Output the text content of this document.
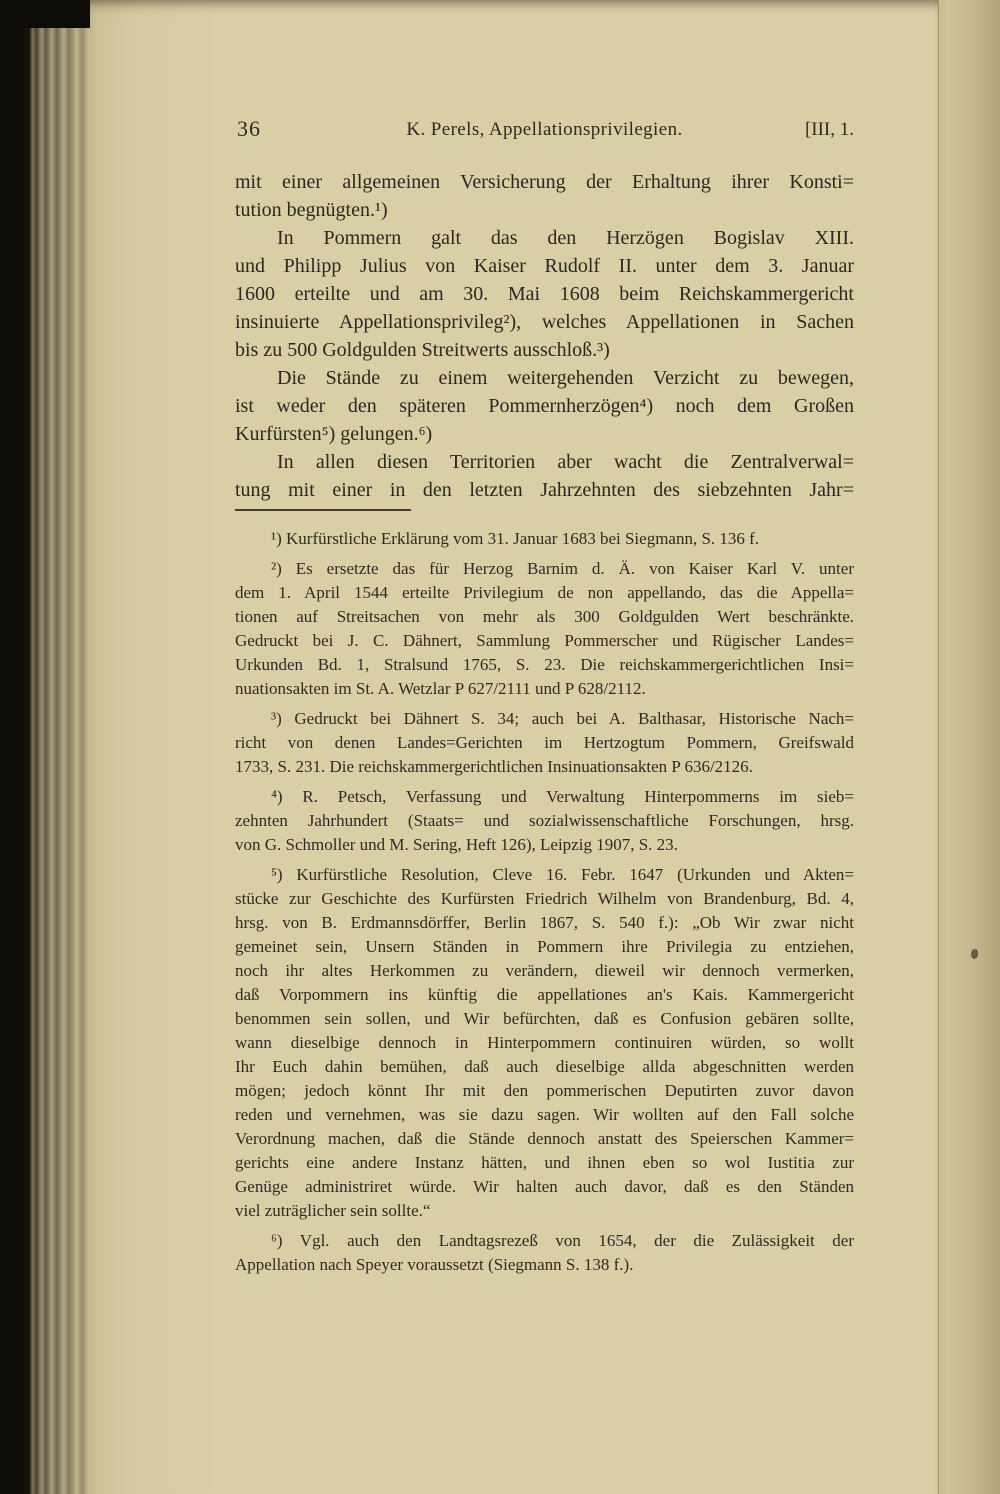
36	K. Perels, Appellationsprivilegien.	[III, 1.
mit einer allgemeinen Versicherung der Erhaltung ihrer Konsti=
tution begnügten.¹)
In Pommern galt das den Herzögen Bogislav XIII.
und Philipp Julius von Kaiser Rudolf II. unter dem 3. Januar
1600 erteilte und am 30. Mai 1608 beim Reichskammergericht
insinuierte Appellationsprivileg²), welches Appellationen in Sachen
bis zu 500 Goldgulden Streitwerts ausschloß.³)
Die Stände zu einem weitergehenden Verzicht zu bewegen,
ist weder den späteren Pommernherzögen⁴) noch dem Großen
Kurfürsten⁵) gelungen.⁶)
In allen diesen Territorien aber wacht die Zentralverwal=
tung mit einer in den letzten Jahrzehnten des siebzehnten Jahr=
¹) Kurfürstliche Erklärung vom 31. Januar 1683 bei Siegmann, S. 136 f.
²) Es ersetzte das für Herzog Barnim d. Ä. von Kaiser Karl V. unter
dem 1. April 1544 erteilte Privilegium de non appellando, das die Appella=
tionen auf Streitsachen von mehr als 300 Goldgulden Wert beschränkte.
Gedruckt bei J. C. Dähnert, Sammlung Pommerscher und Rügischer Landes=
Urkunden Bd. 1, Stralsund 1765, S. 23. Die reichskammergerichtlichen Insi=
nuationsakten im St. A. Wetzlar P 627/2111 und P 628/2112.
³) Gedruckt bei Dähnert S. 34; auch bei A. Balthasar, Historische Nach=
richt von denen Landes=Gerichten im Hertzogtum Pommern, Greifswald
1733, S. 231. Die reichskammergerichtlichen Insinuationsakten P 636/2126.
⁴) R. Petsch, Verfassung und Verwaltung Hinterpommerns im sieb=
zehnten Jahrhundert (Staats= und sozialwissenschaftliche Forschungen, hrsg.
von G. Schmoller und M. Sering, Heft 126), Leipzig 1907, S. 23.
⁵) Kurfürstliche Resolution, Cleve 16. Febr. 1647 (Urkunden und Akten=
stücke zur Geschichte des Kurfürsten Friedrich Wilhelm von Brandenburg, Bd. 4,
hrsg. von B. Erdmannsdörffer, Berlin 1867, S. 540 f.): „Ob Wir zwar nicht
gemeinet sein, Unsern Ständen in Pommern ihre Privilegia zu entziehen,
noch ihr altes Herkommen zu verändern, dieweil wir dennoch vermerken,
daß Vorpommern ins künftig die appellationes an's Kais. Kammergericht
benommen sein sollen, und Wir befürchten, daß es Confusion gebären sollte,
wann dieselbige dennoch in Hinterpommern continuiren würden, so wollt
Ihr Euch dahin bemühen, daß auch dieselbige allda abgeschnitten werden
mögen; jedoch könnt Ihr mit den pommerischen Deputirten zuvor davon
reden und vernehmen, was sie dazu sagen. Wir wollten auf den Fall solche
Verordnung machen, daß die Stände dennoch anstatt des Speierschen Kammer=
gerichts eine andere Instanz hätten, und ihnen eben so wol Iustitia zur
Genüge administriret würde. Wir halten auch davor, daß es den Ständen
viel zuträglicher sein sollte.“
⁶) Vgl. auch den Landtagsrezeß von 1654, der die Zulässigkeit der
Appellation nach Speyer voraussetzt (Siegmann S. 138 f.).
